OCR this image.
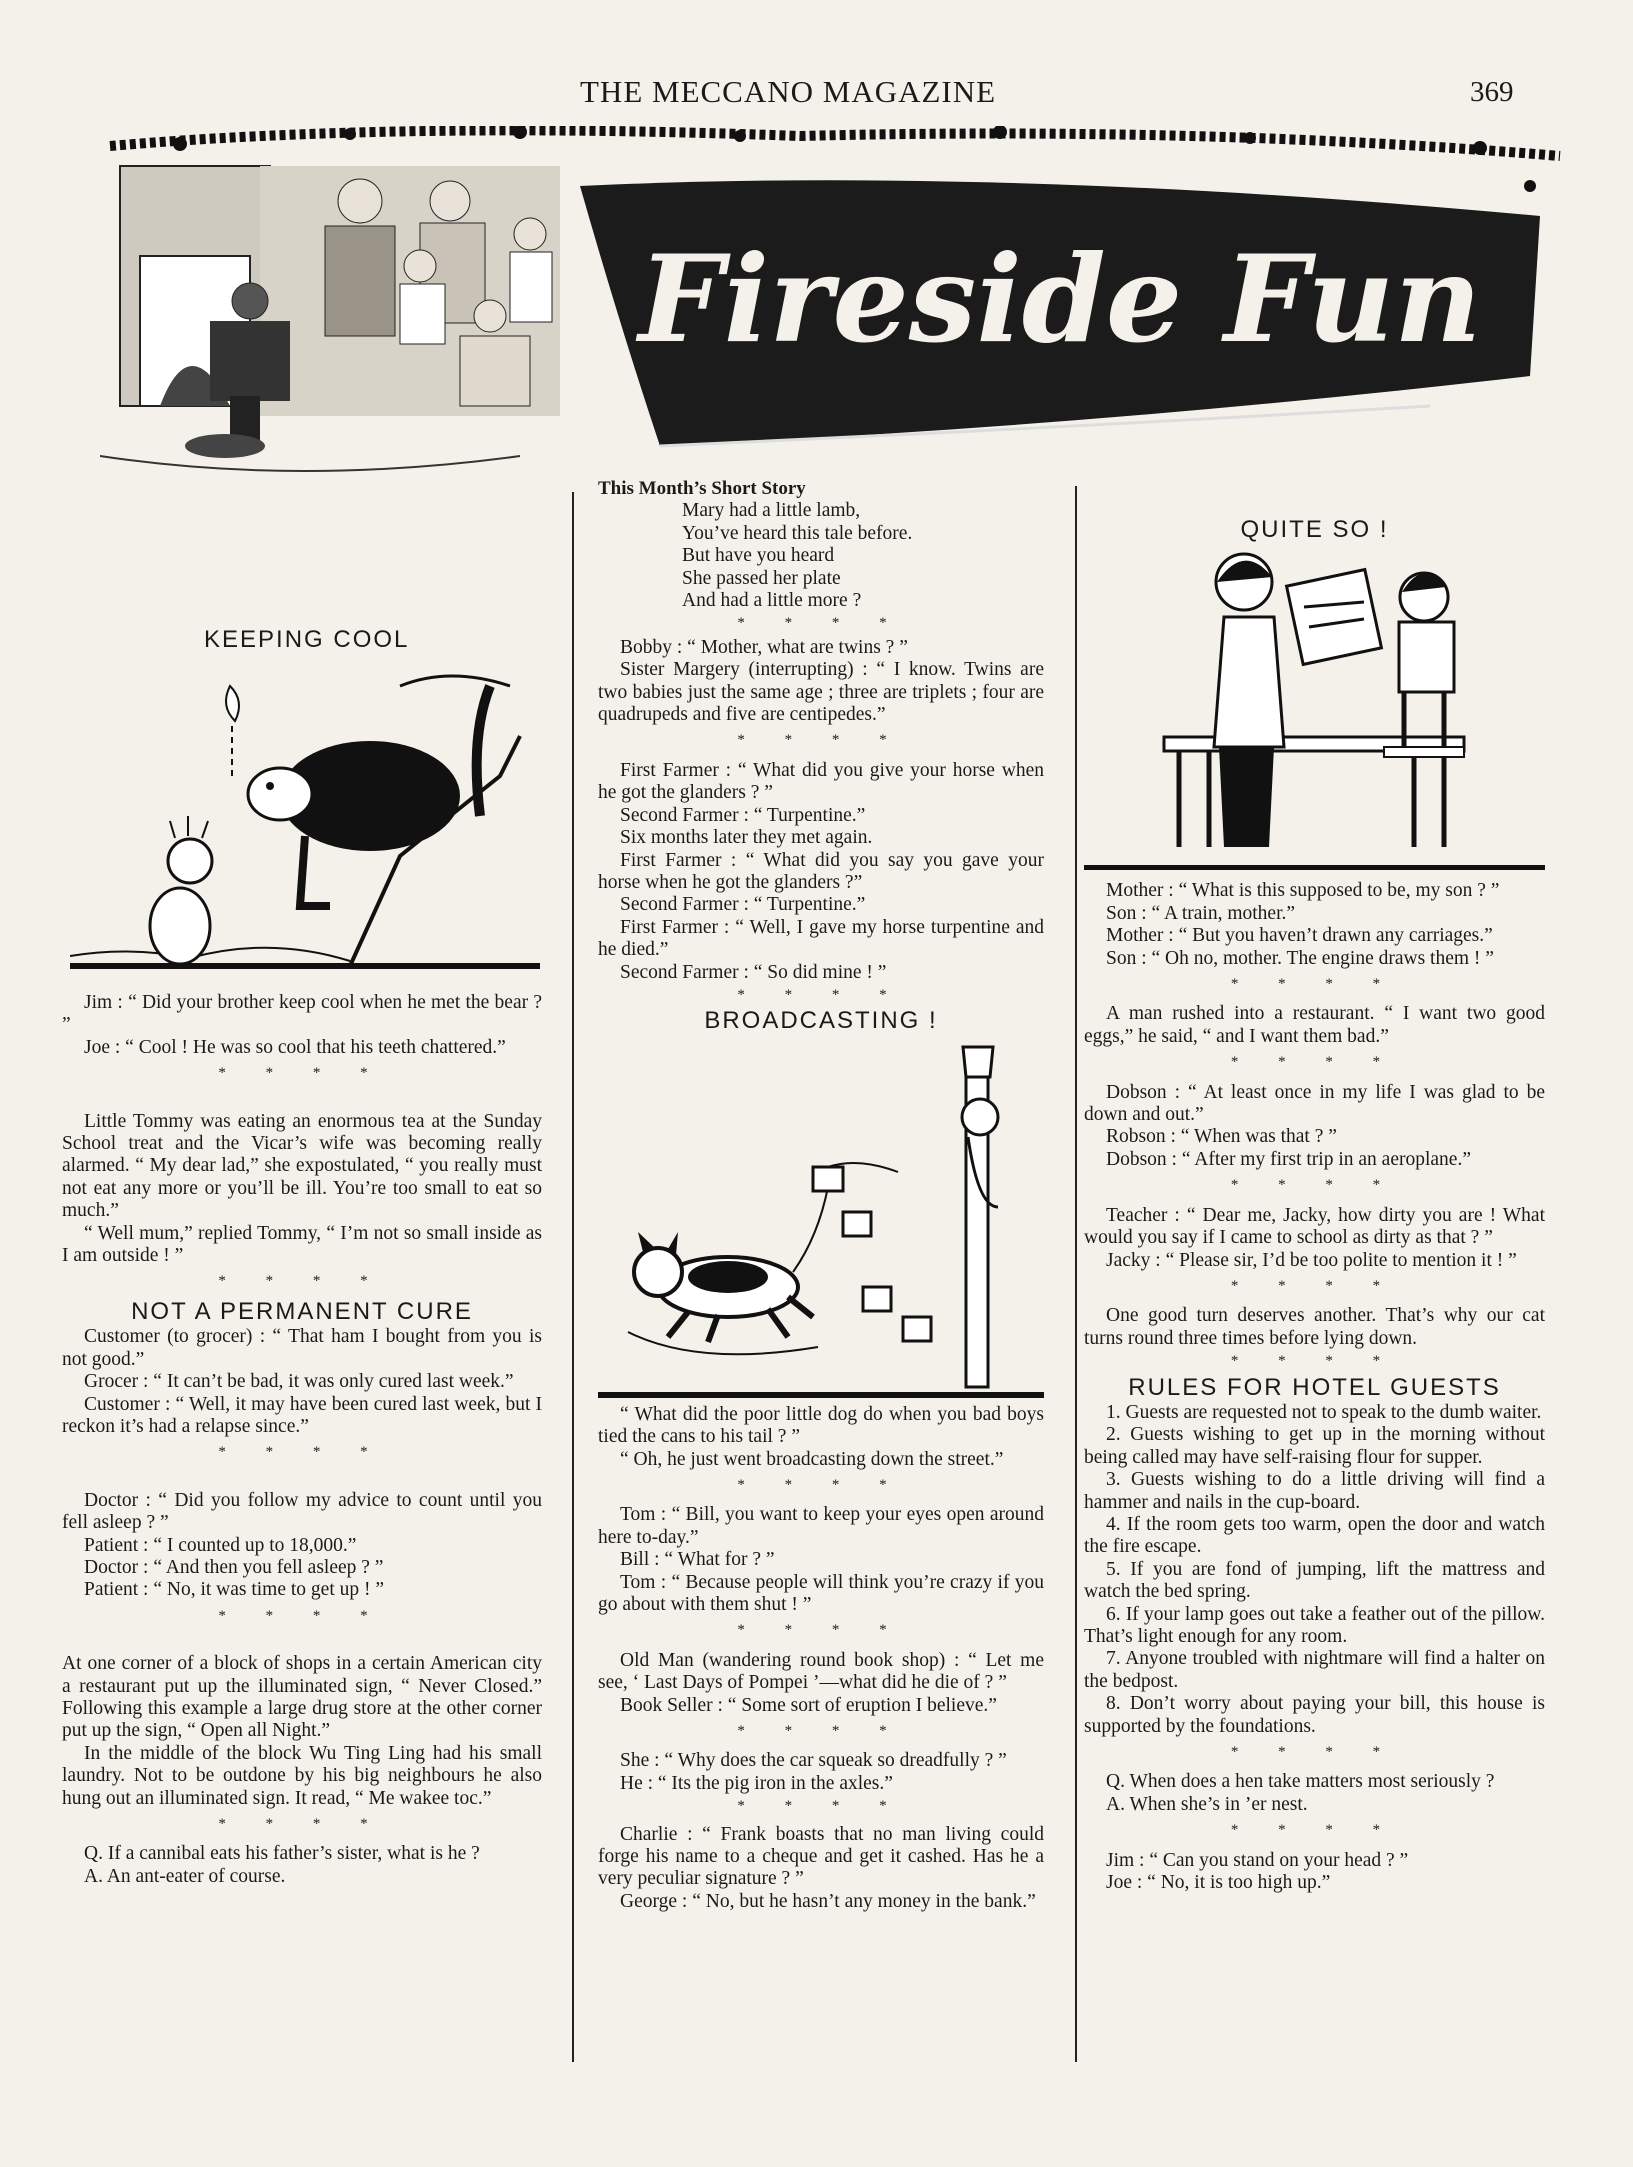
THE MECCANO MAGAZINE	369
Fireside Fun
KEEPING COOL

Jim : “ Did your brother keep cool when he met the bear ? ”

Joe : “ Cool ! He was so cool that his teeth chattered.”

* * * *

Little Tommy was eating an enormous tea at the Sunday School treat and the Vicar’s wife was becoming really alarmed. “ My dear lad,” she expostulated, “ you really must not eat any more or you’ll be ill. You’re too small to eat so much.”

“ Well mum,” replied Tommy, “ I’m not so small inside as I am outside ! ”

* * * *
NOT A PERMANENT CURE

Customer (to grocer) : “ That ham I bought from you is not good.”

Grocer : “ It can’t be bad, it was only cured last week.”

Customer : “ Well, it may have been cured last week, but I reckon it’s had a relapse since.”

* * * *

Doctor : “ Did you follow my advice to count until you fell asleep ? ”

Patient : “ I counted up to 18,000.”

Doctor : “ And then you fell asleep ? ”

Patient : “ No, it was time to get up ! ”

* * * *

At one corner of a block of shops in a certain American city a restaurant put up the illuminated sign, “ Never Closed.” Following this example a large drug store at the other corner put up the sign, “ Open all Night.”

In the middle of the block Wu Ting Ling had his small laundry. Not to be outdone by his big neighbours he also hung out an illuminated sign. It read, “ Me wakee toc.”

* * * *

Q. If a cannibal eats his father’s sister, what is he ?

A. An ant-eater of course.

This Month’s Short Story

Mary had a little lamb,

You’ve heard this tale before.

But have you heard

She passed her plate

And had a little more ?

* * * *

Bobby : “ Mother, what are twins ? ”

Sister Margery (interrupting) : “ I know. Twins are two babies just the same age ; three are triplets ; four are quadrupeds and five are centipedes.”

* * * *

First Farmer : “ What did you give your horse when he got the glanders ? ”

Second Farmer : “ Turpentine.”

Six months later they met again.

First Farmer : “ What did you say you gave your horse when he got the glanders ?”

Second Farmer : “ Turpentine.”

First Farmer : “ Well, I gave my horse turpentine and he died.”

Second Farmer : “ So did mine ! ”

* * * *
BROADCASTING !

“ What did the poor little dog do when you bad boys tied the cans to his tail ? ”

“ Oh, he just went broadcasting down the street.”

* * * *

Tom : “ Bill, you want to keep your eyes open around here to-day.”

Bill : “ What for ? ”

Tom : “ Because people will think you’re crazy if you go about with them shut ! ”

* * * *

Old Man (wandering round book shop) : “ Let me see, ‘ Last Days of Pompei ’—what did he die of ? ”

Book Seller : “ Some sort of eruption I believe.”

* * * *

She : “ Why does the car squeak so dreadfully ? ”

He : “ Its the pig iron in the axles.”

* * * *

Charlie : “ Frank boasts that no man living could forge his name to a cheque and get it cashed. Has he a very peculiar signature ? ”

George : “ No, but he hasn’t any money in the bank.”

QUITE SO !

Mother : “ What is this supposed to be, my son ? ”

Son : “ A train, mother.”

Mother : “ But you haven’t drawn any carriages.”

Son : “ Oh no, mother. The engine draws them ! ”

* * * *

A man rushed into a restaurant. “ I want two good eggs,” he said, “ and I want them bad.”

* * * *

Dobson : “ At least once in my life I was glad to be down and out.”

Robson : “ When was that ? ”

Dobson : “ After my first trip in an aeroplane.”

* * * *

Teacher : “ Dear me, Jacky, how dirty you are ! What would you say if I came to school as dirty as that ? ”

Jacky : “ Please sir, I’d be too polite to mention it ! ”

* * * *

One good turn deserves another. That’s why our cat turns round three times before lying down.

* * * *
RULES FOR HOTEL GUESTS

1. Guests are requested not to speak to the dumb waiter.

2. Guests wishing to get up in the morning without being called may have self-raising flour for supper.

3. Guests wishing to do a little driving will find a hammer and nails in the cup-board.

4. If the room gets too warm, open the door and watch the fire escape.

5. If you are fond of jumping, lift the mattress and watch the bed spring.

6. If your lamp goes out take a feather out of the pillow. That’s light enough for any room.

7. Anyone troubled with nightmare will find a halter on the bedpost.

8. Don’t worry about paying your bill, this house is supported by the foundations.

* * * *

Q. When does a hen take matters most seriously ?

A. When she’s in ’er nest.

* * * *

Jim : “ Can you stand on your head ? ”

Joe : “ No, it is too high up.”
